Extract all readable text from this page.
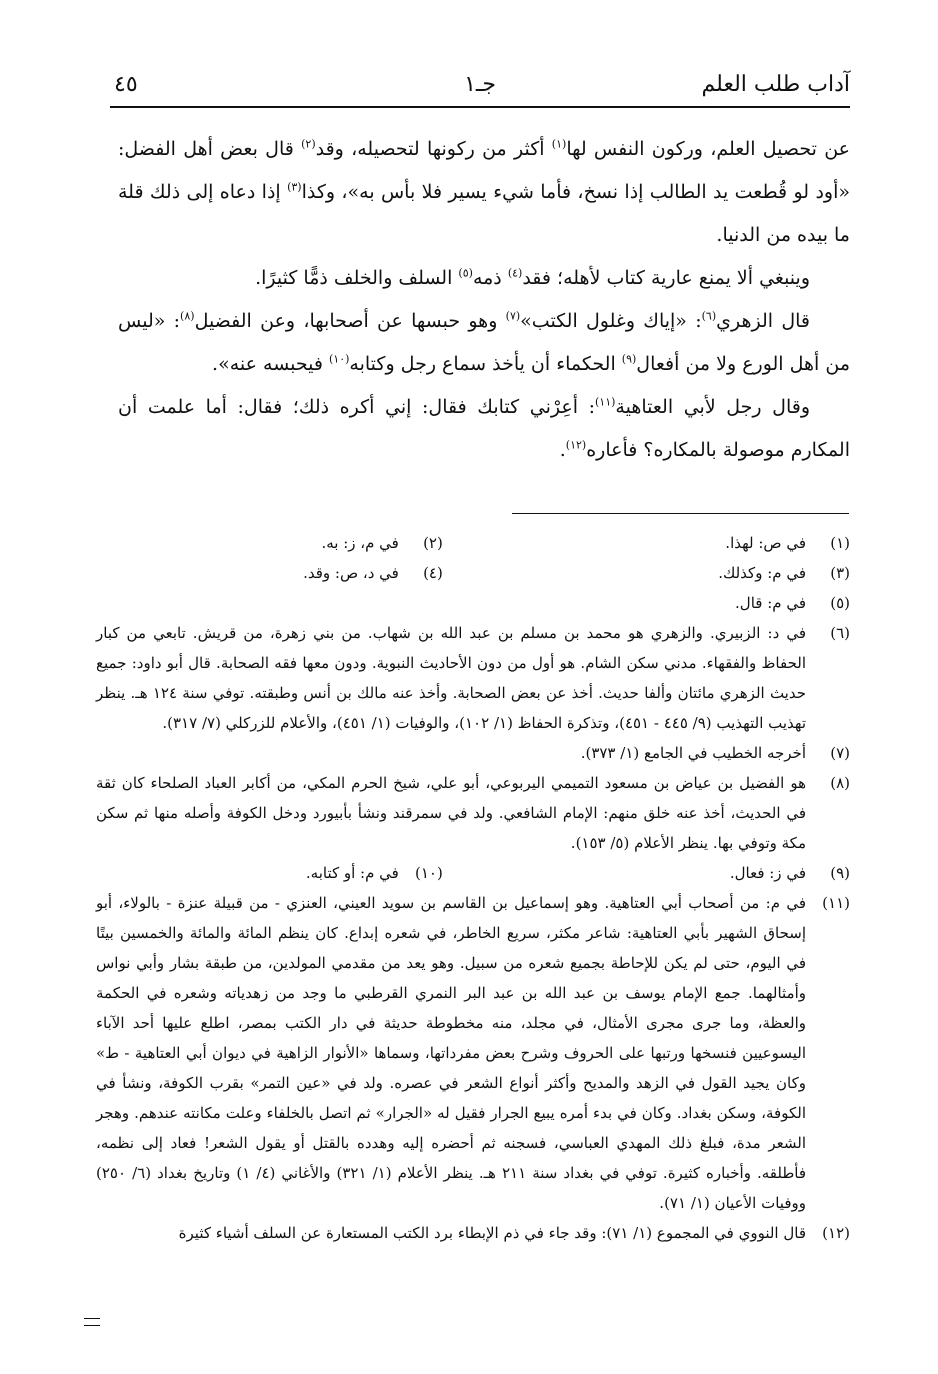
آداب طلب العلم
جـ١
٤٥

عن تحصيل العلم، وركون النفس لها$^{(١)}$ أكثر من ركونها لتحصيله، وقد$^{(٢)}$ قال بعض أهل الفضل: «أود لو قُطعت يد الطالب إذا نسخ، فأما شيء يسير فلا بأس به»، وكذا$^{(٣)}$ إذا دعاه إلى ذلك قلة ما بيده من الدنيا.

وينبغي ألا يمنع عارية كتاب لأهله؛ فقد$^{(٤)}$ ذمه$^{(٥)}$ السلف والخلف ذمًّا كثيرًا.

قال الزهري$^{(٦)}$: «إياك وغلول الكتب»$^{(٧)}$ وهو حبسها عن أصحابها، وعن الفضيل$^{(٨)}$: «ليس من أهل الورع ولا من أفعال$^{(٩)}$ الحكماء أن يأخذ سماع رجل وكتابه$^{(١٠)}$ فيحبسه عنه».

وقال رجل لأبي العتاهية$^{(١١)}$: أعِرْني كتابك فقال: إني أكره ذلك؛ فقال: أما علمت أن المكارم موصولة بالمكاره؟ فأعاره$^{(١٢)}$.

(١)
في ص: لهذا.
(٢)
في م، ز: به.
(٣)
في م: وكذلك.
(٤)
في د، ص: وقد.

(٥)
في م: قال.

(٦)
في د: الزبيري. والزهري هو محمد بن مسلم بن عبد الله بن شهاب. من بني زهرة، من قريش. تابعي من كبار الحفاظ والفقهاء. مدني سكن الشام. هو أول من دون الأحاديث النبوية. ودون معها فقه الصحابة. قال أبو داود: جميع حديث الزهري مائتان وألفا حديث. أخذ عن بعض الصحابة. وأخذ عنه مالك بن أنس وطبقته. توفي سنة ١٢٤ هـ. ينظر تهذيب التهذيب (٩/ ٤٤٥ - ٤٥١)، وتذكرة الحفاظ (١/ ١٠٢)، والوفيات (١/ ٤٥١)، والأعلام للزركلي (٧/ ٣١٧).

(٧)
أخرجه الخطيب في الجامع (١/ ٣٧٣).

(٨)
هو الفضيل بن عياض بن مسعود التميمي اليربوعي، أبو علي، شيخ الحرم المكي، من أكابر العباد الصلحاء كان ثقة في الحديث، أخذ عنه خلق منهم: الإمام الشافعي. ولد في سمرقند ونشأ بأبيورد ودخل الكوفة وأصله منها ثم سكن مكة وتوفي بها. ينظر الأعلام (٥/ ١٥٣).

(٩)
في ز: فعال.
(١٠)
في م: أو كتابه.

(١١)
في م: من أصحاب أبي العتاهية. وهو إسماعيل بن القاسم بن سويد العيني، العنزي - من قبيلة عنزة - بالولاء، أبو إسحاق الشهير بأبي العتاهية: شاعر مكثر، سريع الخاطر، في شعره إبداع. كان ينظم المائة والمائة والخمسين بيتًا في اليوم، حتى لم يكن للإحاطة بجميع شعره من سبيل. وهو يعد من مقدمي المولدين، من طبقة بشار وأبي نواس وأمثالهما. جمع الإمام يوسف بن عبد الله بن عبد البر النمري القرطبي ما وجد من زهدياته وشعره في الحكمة والعظة، وما جرى مجرى الأمثال، في مجلد، منه مخطوطة حديثة في دار الكتب بمصر، اطلع عليها أحد الآباء اليسوعيين فنسخها ورتبها على الحروف وشرح بعض مفرداتها، وسماها «الأنوار الزاهية في ديوان أبي العتاهية - ط» وكان يجيد القول في الزهد والمديح وأكثر أنواع الشعر في عصره. ولد في «عين التمر» بقرب الكوفة، ونشأ في الكوفة، وسكن بغداد. وكان في بدء أمره يبيع الجرار فقيل له «الجرار» ثم اتصل بالخلفاء وعلت مكانته عندهم. وهجر الشعر مدة، فبلغ ذلك المهدي العباسي، فسجنه ثم أحضره إليه وهدده بالقتل أو يقول الشعر! فعاد إلى نظمه، فأطلقه. وأخباره كثيرة. توفي في بغداد سنة ٢١١ هـ. ينظر الأعلام (١/ ٣٢١) والأغاني (٤/ ١) وتاريخ بغداد (٦/ ٢٥٠) ووفيات الأعيان (١/ ٧١).

(١٢)
قال النووي في المجموع (١/ ٧١): وقد جاء في ذم الإبطاء برد الكتب المستعارة عن السلف أشياء كثيرة
